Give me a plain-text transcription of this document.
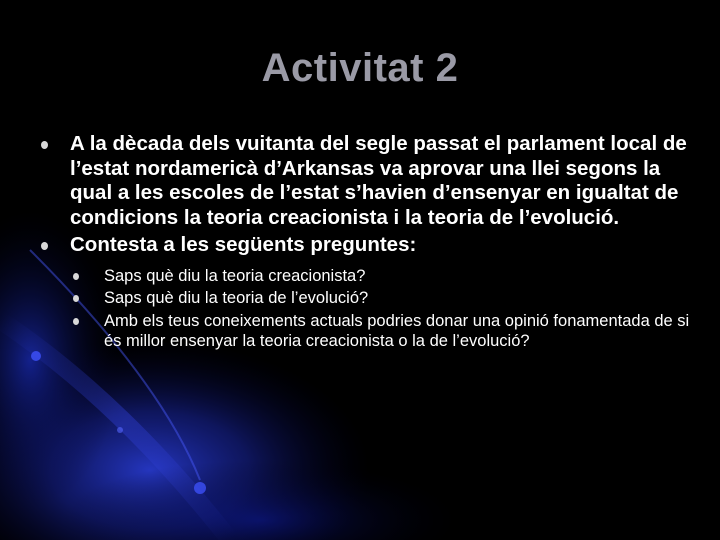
Activitat 2
A la dècada dels vuitanta del segle passat el parlament local de l’estat nordamericà d’Arkansas va aprovar una llei segons la qual a les escoles de l’estat s’havien d’ensenyar en igualtat de condicions la teoria creacionista i la teoria de l’evolució.
Contesta a les següents preguntes:
Saps què diu la teoria creacionista?
Saps què diu la teoria de l’evolució?
Amb els teus coneixements actuals podries donar una opinió fonamentada de si és millor ensenyar la teoria creacionista o la de l’evolució?
